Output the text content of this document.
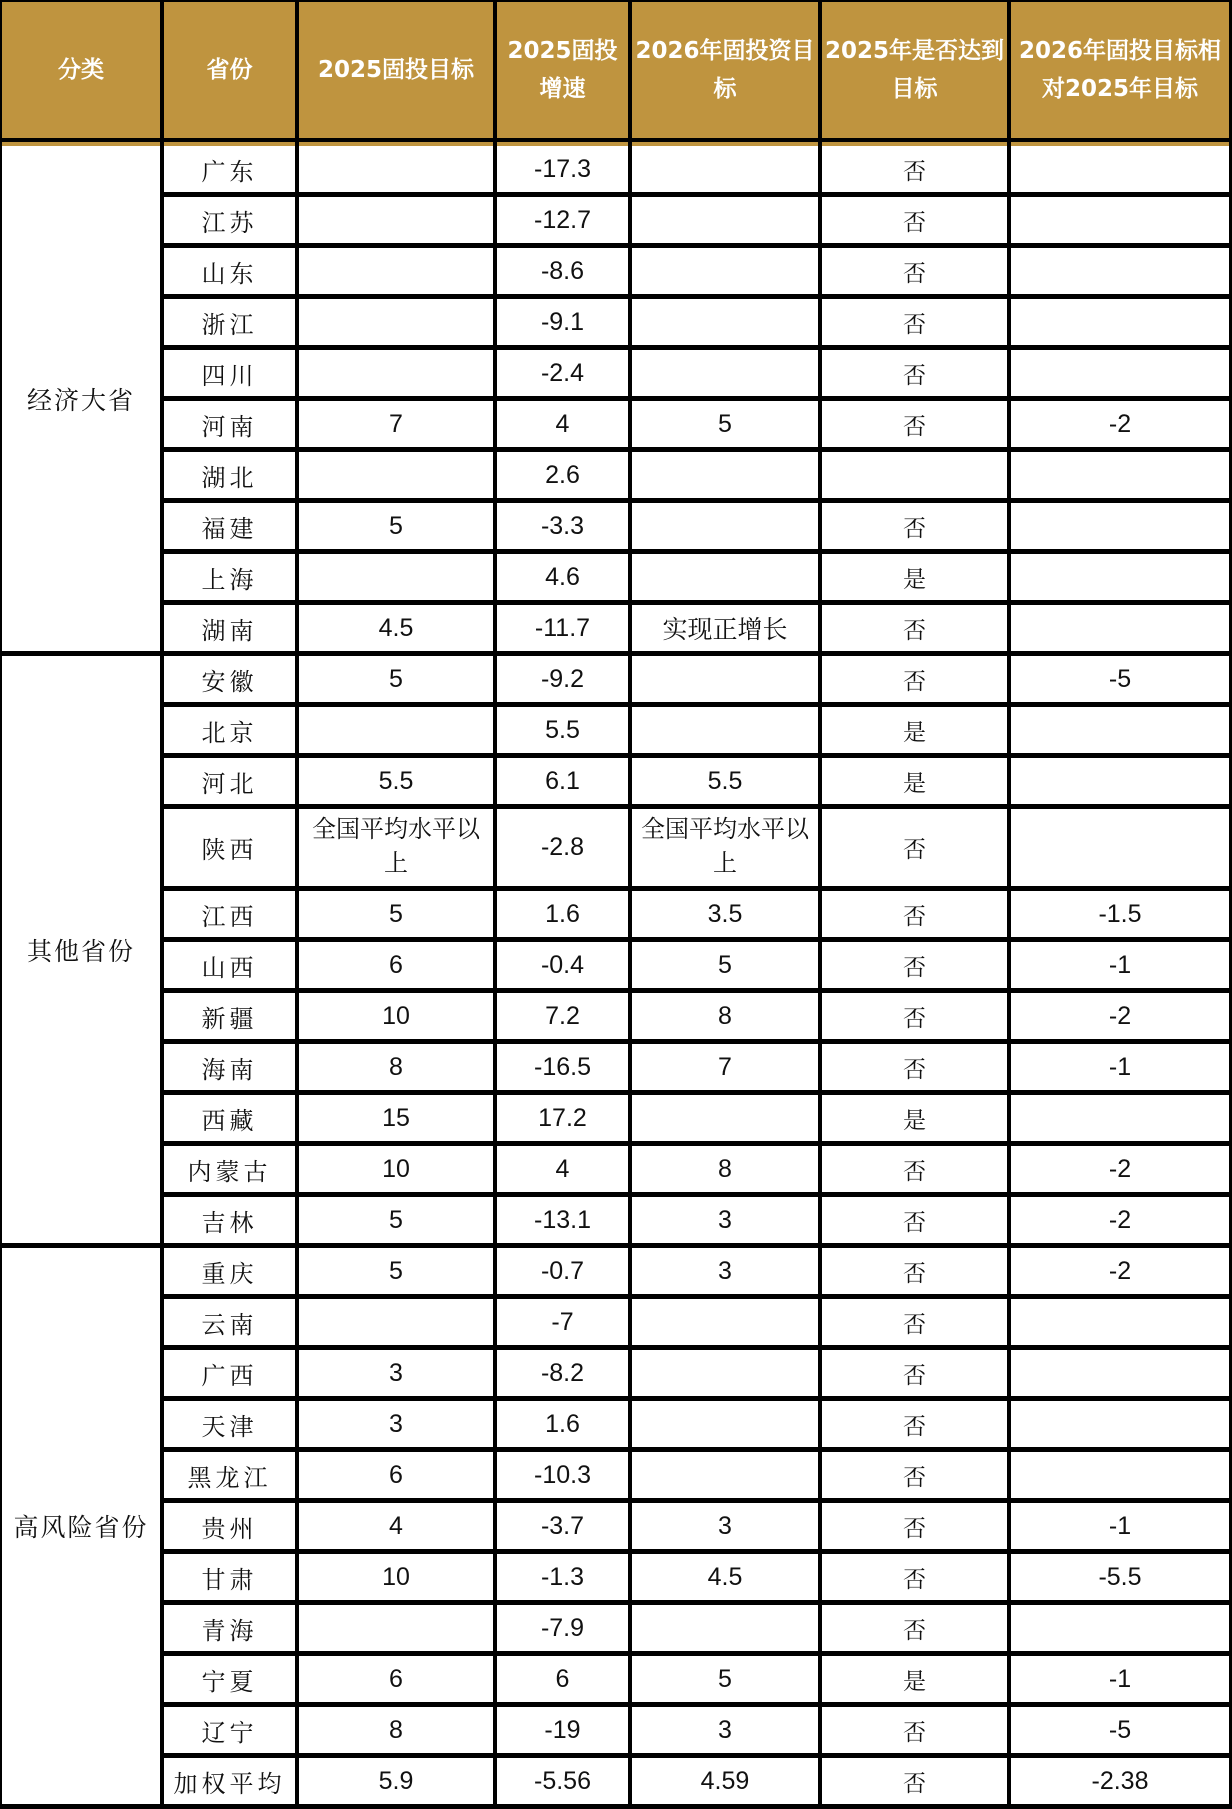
分类	省份	2025固投目标	2025固投增速	2026年固投资目标	2025年是否达到目标	2026年固投目标相对2025年目标

经济大省	广东		-17.3		否	
	江苏		-12.7		否	
	山东		-8.6		否	
	浙江		-9.1		否	
	四川		-2.4		否	
	河南	7	4	5	否	-2
	湖北		2.6			
	福建	5	-3.3		否	
	上海		4.6		是	
	湖南	4.5	-11.7	实现正增长	否	
其他省份	安徽	5	-9.2		否	-5
	北京		5.5		是	
	河北	5.5	6.1	5.5	是	
	陕西	全国平均水平以上	-2.8	全国平均水平以上	否	
	江西	5	1.6	3.5	否	-1.5
	山西	6	-0.4	5	否	-1
	新疆	10	7.2	8	否	-2
	海南	8	-16.5	7	否	-1
	西藏	15	17.2		是	
	内蒙古	10	4	8	否	-2
	吉林	5	-13.1	3	否	-2
高风险省份	重庆	5	-0.7	3	否	-2
	云南		-7		否	
	广西	3	-8.2		否	
	天津	3	1.6		否	
	黑龙江	6	-10.3		否	
	贵州	4	-3.7	3	否	-1
	甘肃	10	-1.3	4.5	否	-5.5
	青海		-7.9		否	
	宁夏	6	6	5	是	-1
	辽宁	8	-19	3	否	-5
	加权平均	5.9	-5.56	4.59	否	-2.38
